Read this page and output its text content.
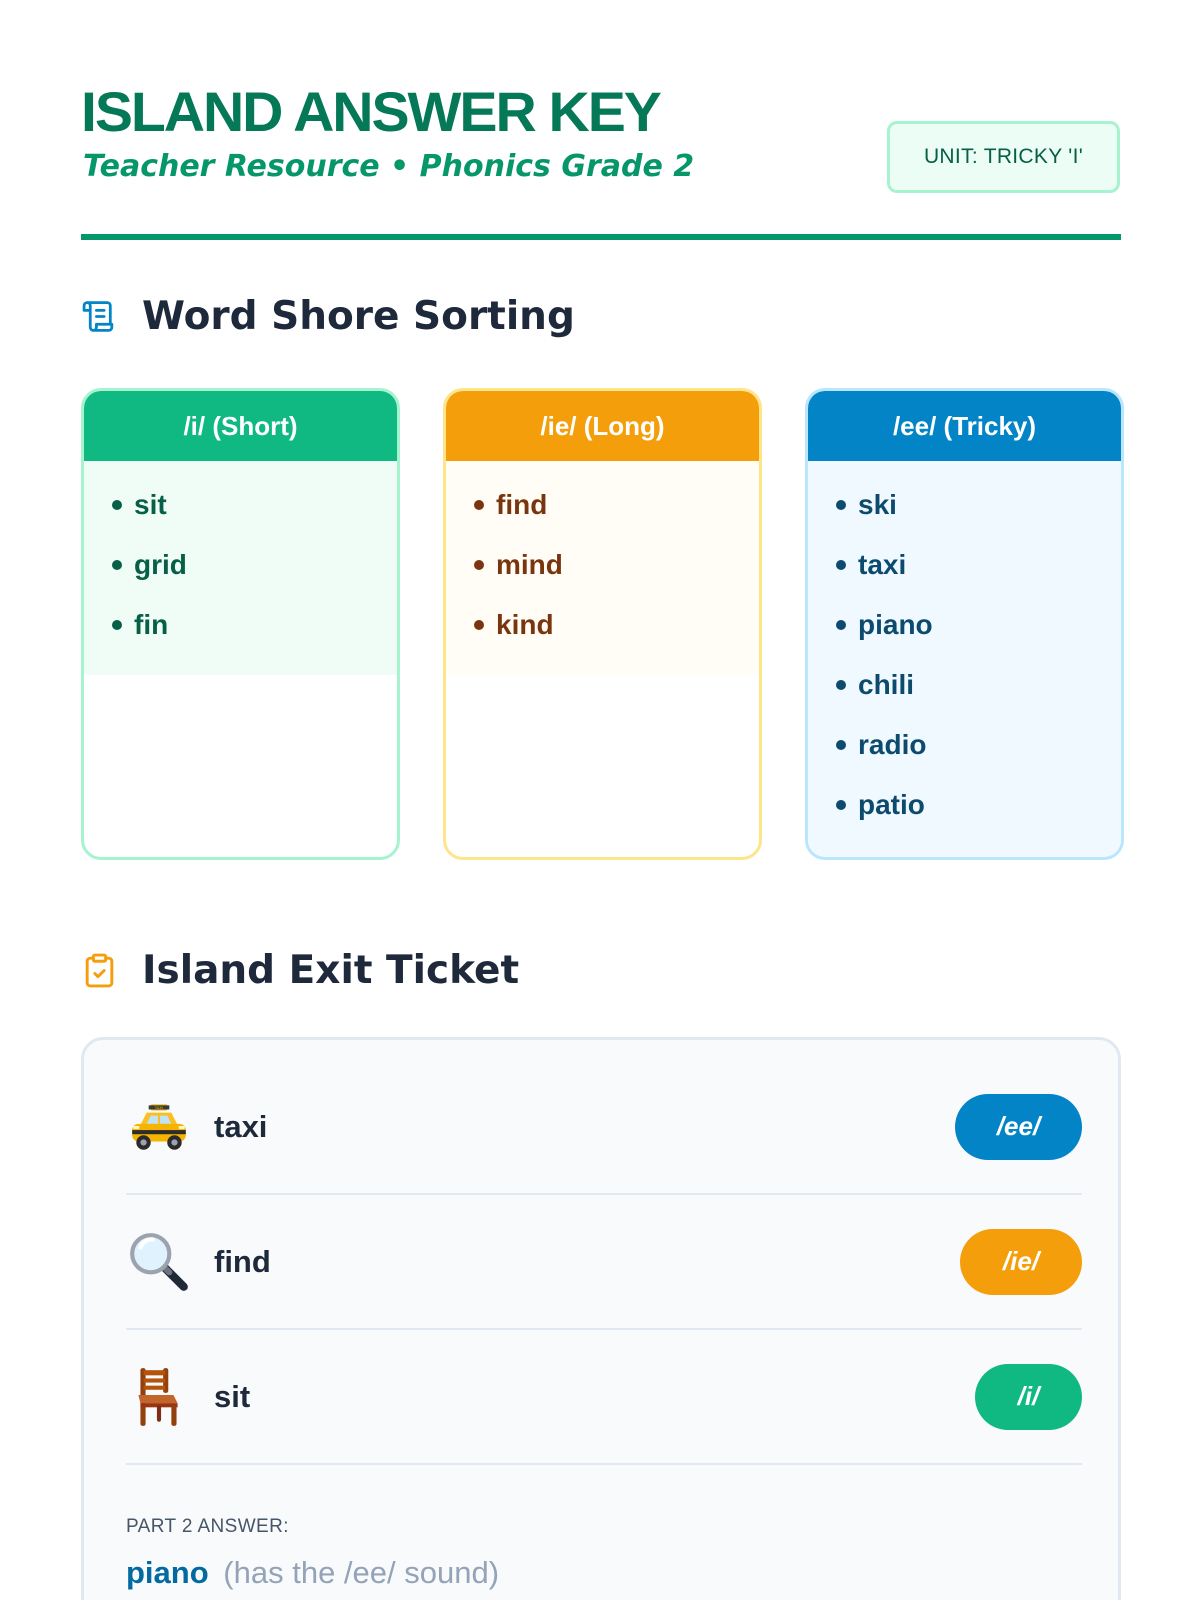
ISLAND ANSWER KEY
Teacher Resource • Phonics Grade 2	UNIT: TRICKY 'I'
Word Shore Sorting
/i/ (Short)
sit
grid
fin
/ie/ (Long)
find
mind
kind
/ee/ (Tricky)
ski
taxi
piano
chili
radio
patio
Island Exit Ticket
TAXI
taxi	/ee/
find	/ie/
sit	/i/
PART 2 ANSWER:
piano (has the /ee/ sound)
